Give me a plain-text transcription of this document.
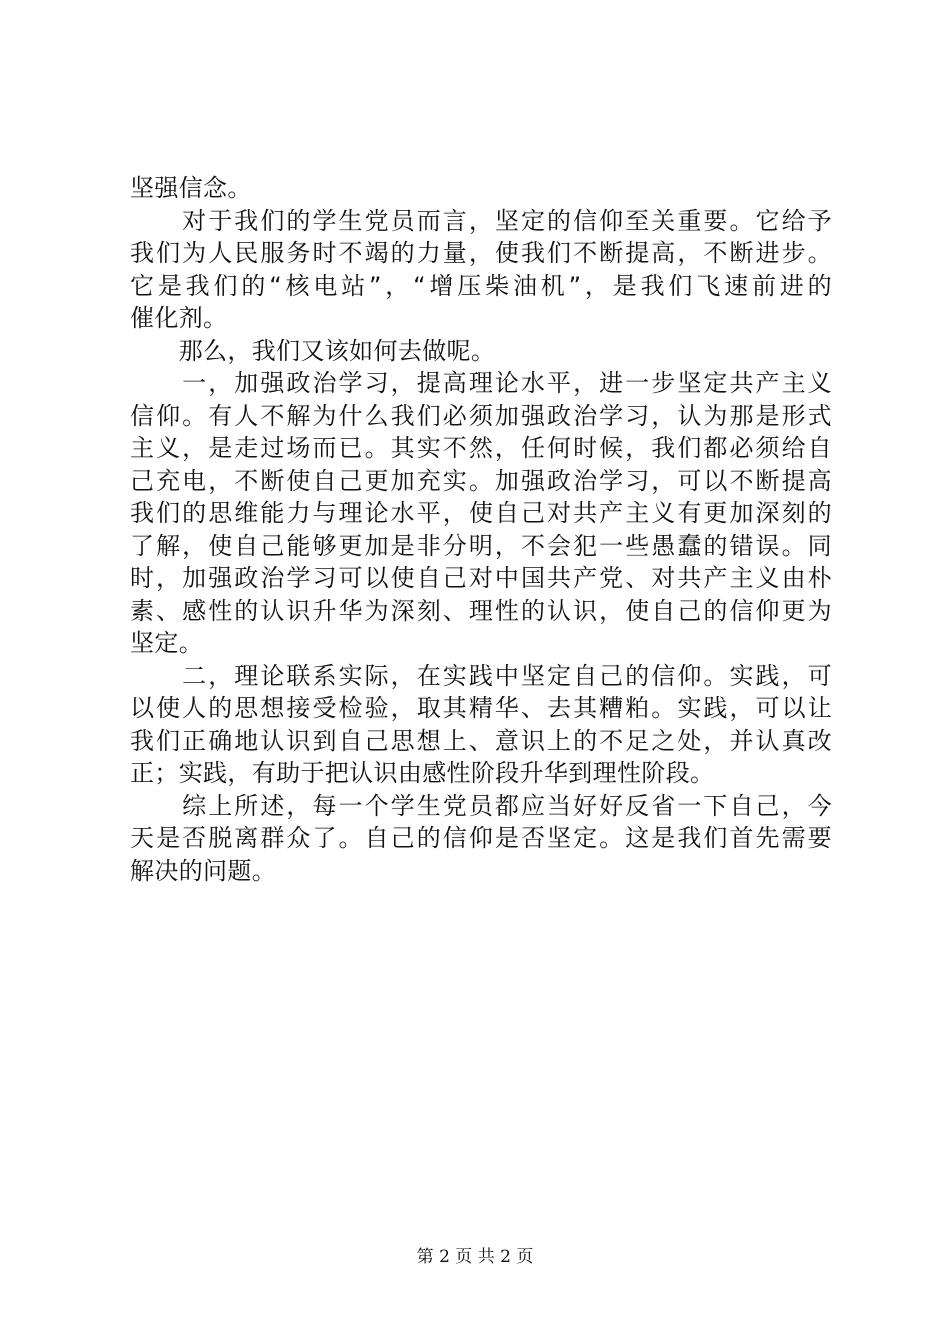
坚强信念。
　　对于我们的学生党员而言，坚定的信仰至关重要。它给予
我们为人民服务时不竭的力量，使我们不断提高，不断进步。
它是我们的“核电站”，“增压柴油机”，是我们飞速前进的
催化剂。
　　那么，我们又该如何去做呢。
　　一，加强政治学习，提高理论水平，进一步坚定共产主义
信仰。有人不解为什么我们必须加强政治学习，认为那是形式
主义，是走过场而已。其实不然，任何时候，我们都必须给自
己充电，不断使自己更加充实。加强政治学习，可以不断提高
我们的思维能力与理论水平，使自己对共产主义有更加深刻的
了解，使自己能够更加是非分明，不会犯一些愚蠢的错误。同
时，加强政治学习可以使自己对中国共产党、对共产主义由朴
素、感性的认识升华为深刻、理性的认识，使自己的信仰更为
坚定。
　　二，理论联系实际，在实践中坚定自己的信仰。实践，可
以使人的思想接受检验，取其精华、去其糟粕。实践，可以让
我们正确地认识到自己思想上、意识上的不足之处，并认真改
正；实践，有助于把认识由感性阶段升华到理性阶段。
　　综上所述，每一个学生党员都应当好好反省一下自己，今
天是否脱离群众了。自己的信仰是否坚定。这是我们首先需要
解决的问题。
第 2 页 共 2 页
